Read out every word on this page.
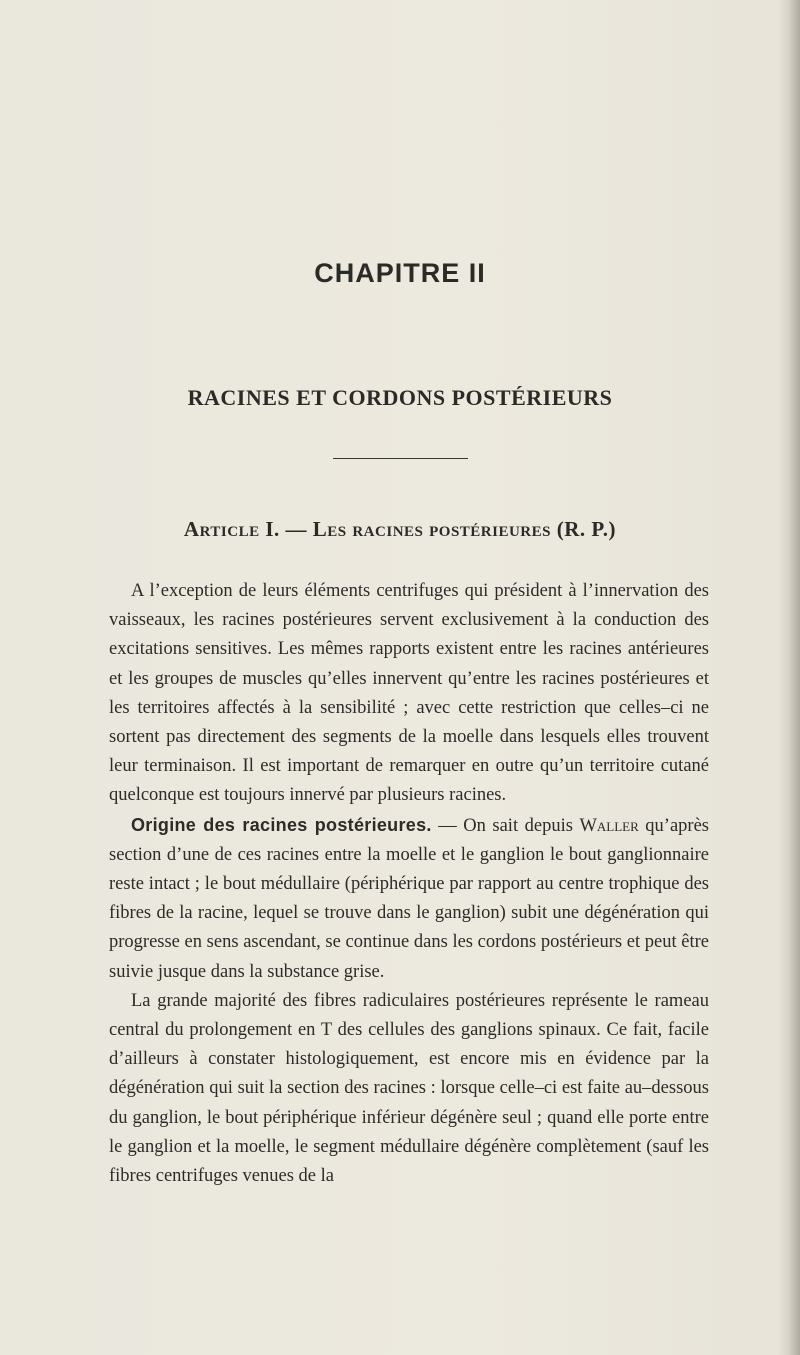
CHAPITRE II
RACINES ET CORDONS POSTÉRIEURS
Article I. — Les racines postérieures (R. P.)

A l’exception de leurs éléments centrifuges qui président à l’innervation des vaisseaux, les racines postérieures servent exclusivement à la conduction des excitations sensitives. Les mêmes rapports existent entre les racines antérieures et les groupes de muscles qu’elles innervent qu’entre les racines postérieures et les territoires affectés à la sensibilité ; avec cette restriction que celles–ci ne sortent pas directement des segments de la moelle dans lesquels elles trouvent leur terminaison. Il est important de remarquer en outre qu’un territoire cutané quelconque est toujours innervé par plusieurs racines.

Origine des racines postérieures. — On sait depuis Waller qu’après section d’une de ces racines entre la moelle et le ganglion le bout ganglionnaire reste intact ; le bout médullaire (périphérique par rapport au centre trophique des fibres de la racine, lequel se trouve dans le ganglion) subit une dégénération qui progresse en sens ascendant, se continue dans les cordons postérieurs et peut être suivie jusque dans la substance grise.

La grande majorité des fibres radiculaires postérieures représente le rameau central du prolongement en T des cellules des ganglions spinaux. Ce fait, facile d’ailleurs à constater histologiquement, est encore mis en évidence par la dégénération qui suit la section des racines : lorsque celle–ci est faite au–dessous du ganglion, le bout périphérique inférieur dégénère seul ; quand elle porte entre le ganglion et la moelle, le segment médullaire dégénère complètement (sauf les fibres centrifuges venues de la
